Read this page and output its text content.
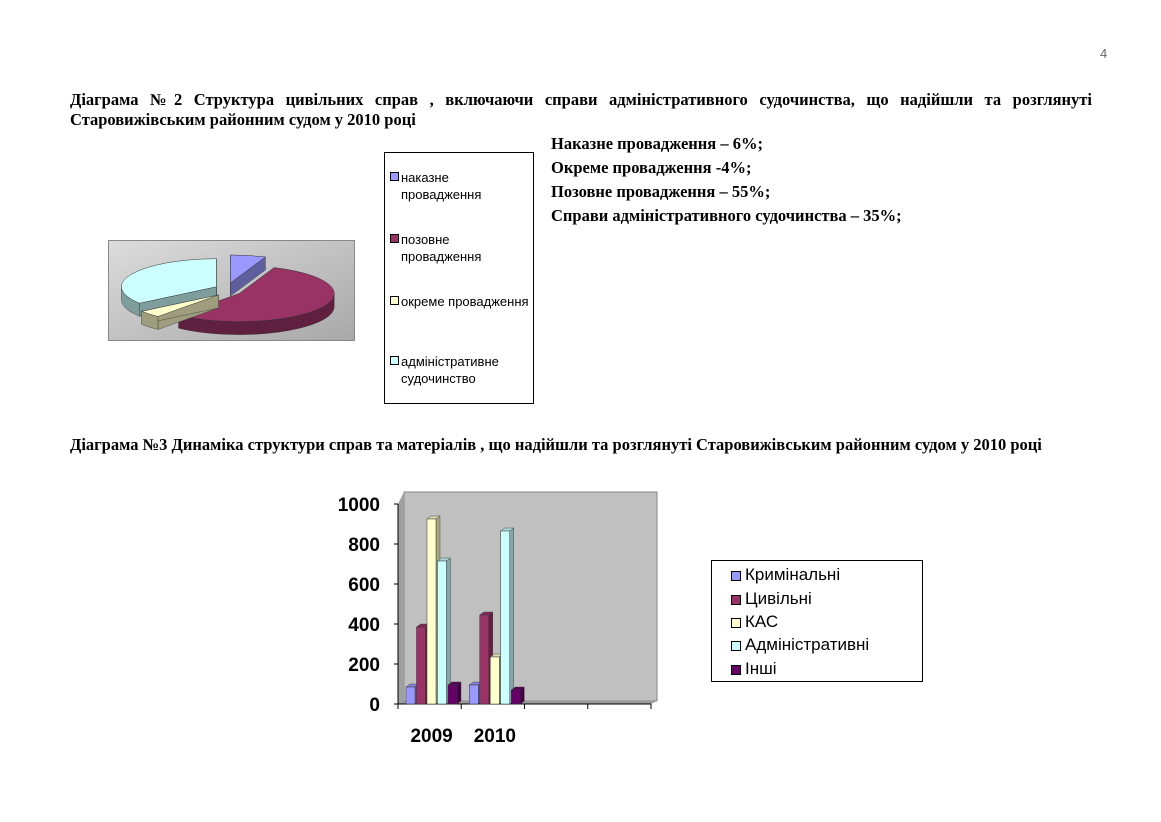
4
Діаграма №2 Структура цивільних справ , включаючи справи адміністративного судочинства, що надійшли та розглянуті Старовижівським районним судом у 2010 році
Наказне провадження – 6%;
Окреме провадження -4%;
Позовне провадження – 55%;
Справи адміністративного судочинства – 35%;
наказне провадження
позовне провадження
окреме провадження
адміністративне судочинство
Діаграма №3 Динаміка структури справ та матеріалів , що надійшли та розглянуті Старовижівським районним судом у 2010 році
0
200
400
600
800
1000
2009 2010
Кримінальні
Цивільні
КАС
Адміністративні
Інші
